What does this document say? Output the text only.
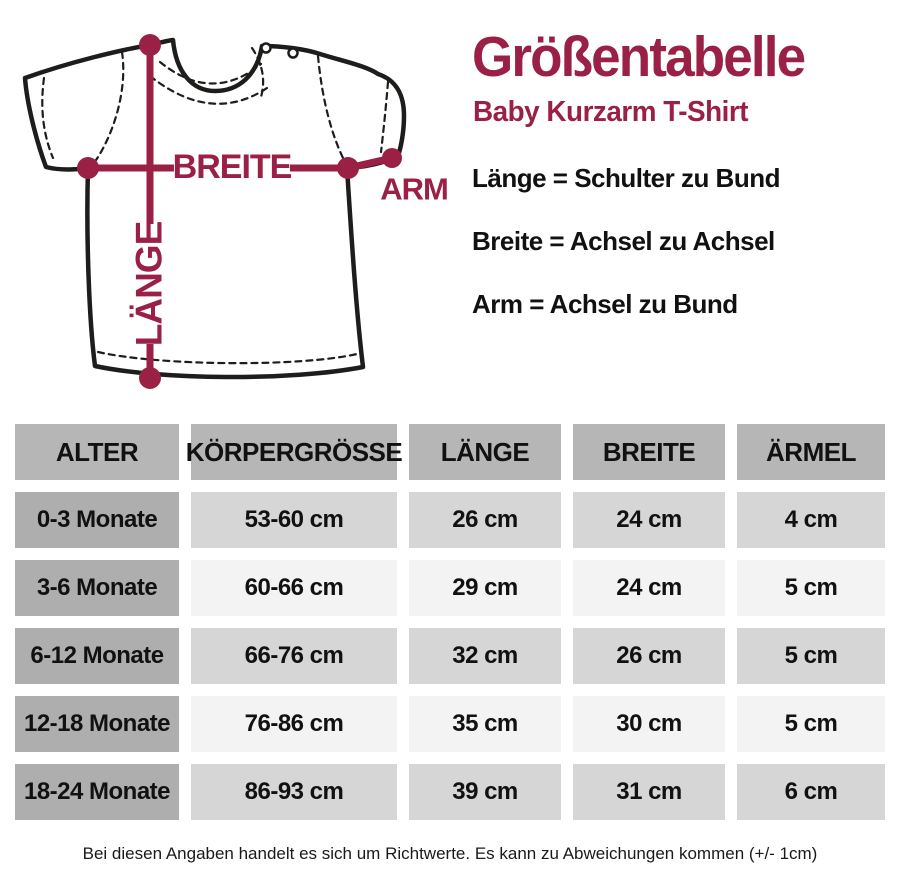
LÄNGE
BREITE
ARM
Größentabelle
Baby Kurzarm T-Shirt
Länge = Schulter zu Bund
Breite = Achsel zu Achsel
Arm = Achsel zu Bund
ALTER	KÖRPERGRÖSSE	LÄNGE	BREITE	ÄRMEL
0-3 Monate	53-60 cm	26 cm	24 cm	4 cm
3-6 Monate	60-66 cm	29 cm	24 cm	5 cm
6-12 Monate	66-76 cm	32 cm	26 cm	5 cm
12-18 Monate	76-86 cm	35 cm	30 cm	5 cm
18-24 Monate	86-93 cm	39 cm	31 cm	6 cm
Bei diesen Angaben handelt es sich um Richtwerte. Es kann zu Abweichungen kommen (+/- 1cm)
